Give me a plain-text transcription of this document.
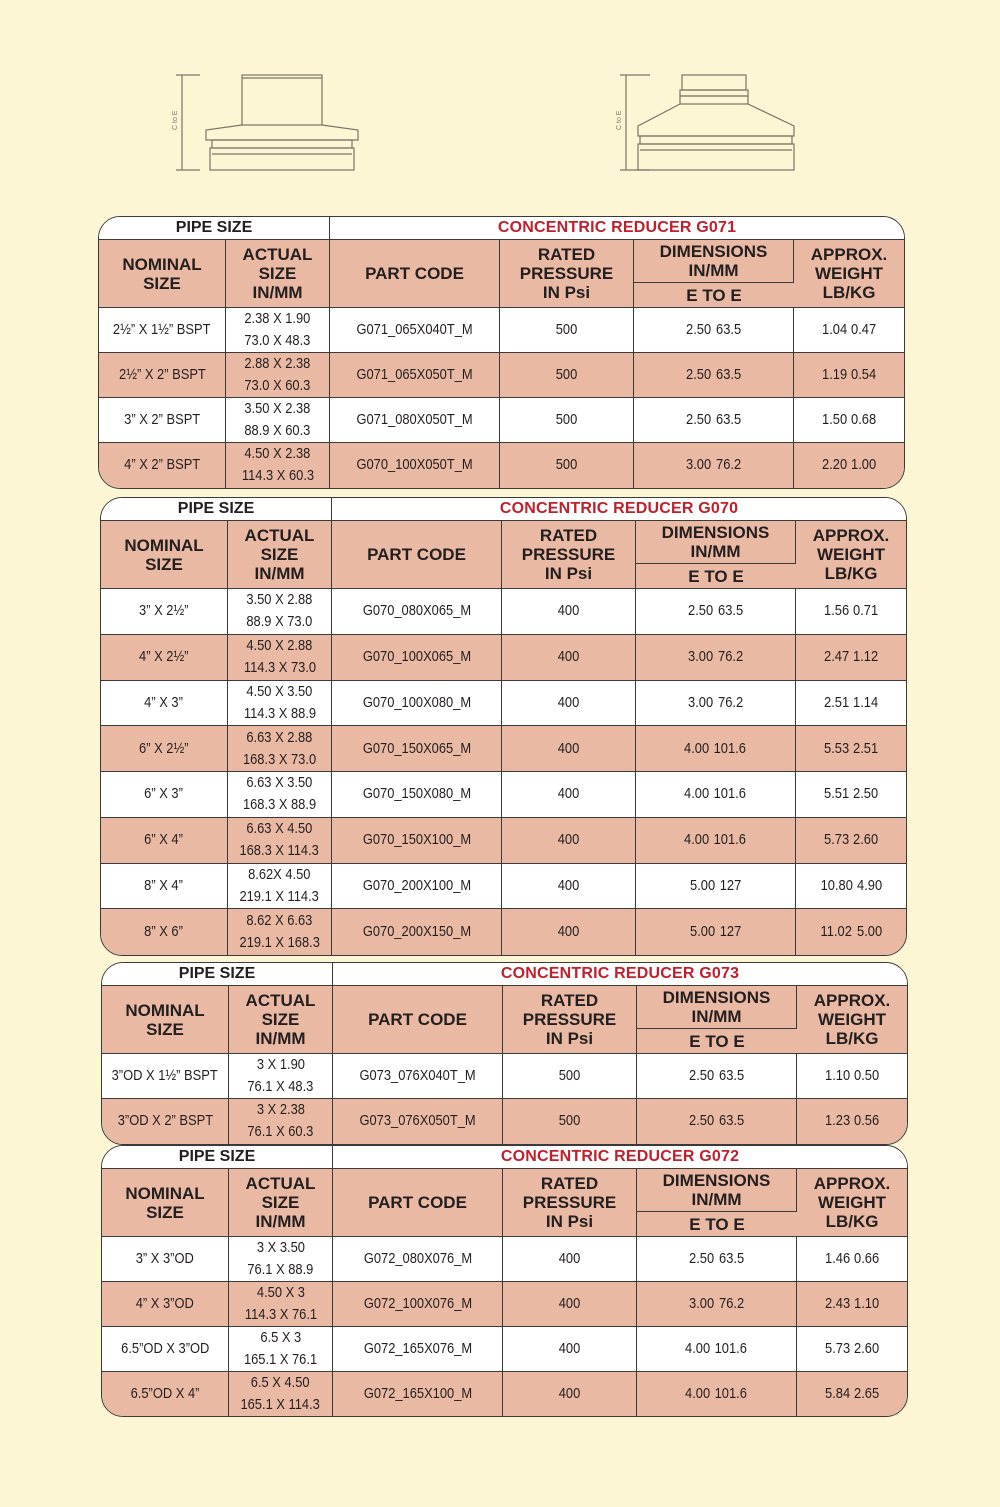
C to E	C to E
PIPE SIZE		CONCENTRIC REDUCER G071			
NOMINAL SIZE	ACTUAL SIZE IN/MM	PART CODE	RATED PRESSURE IN Psi	DIMENSIONS IN/MM	APPROX. WEIGHT LB/KG
				E TO E	
2½” X 1½” BSPT	2.38 X 1.9073.0 X 48.3	G071_065X040T_M	500	2.50 63.5	1.04 0.47
2½” X 2” BSPT	2.88 X 2.3873.0 X 60.3	G071_065X050T_M	500	2.50 63.5	1.19 0.54
3” X 2” BSPT	3.50 X 2.3888.9 X 60.3	G071_080X050T_M	500	2.50 63.5	1.50 0.68
4” X 2” BSPT	4.50 X 2.38114.3 X 60.3	G070_100X050T_M	500	3.00 76.2	2.20 1.00
PIPE SIZE		CONCENTRIC REDUCER G070			
NOMINAL SIZE	ACTUAL SIZE IN/MM	PART CODE	RATED PRESSURE IN Psi	DIMENSIONS IN/MM	APPROX. WEIGHT LB/KG
				E TO E	
3” X 2½”	3.50 X 2.8888.9 X 73.0	G070_080X065_M	400	2.50 63.5	1.56 0.71
4” X 2½”	4.50 X 2.88114.3 X 73.0	G070_100X065_M	400	3.00 76.2	2.47 1.12
4” X 3”	4.50 X 3.50114.3 X 88.9	G070_100X080_M	400	3.00 76.2	2.51 1.14
6” X 2½”	6.63 X 2.88168.3 X 73.0	G070_150X065_M	400	4.00 101.6	5.53 2.51
6” X 3”	6.63 X 3.50168.3 X 88.9	G070_150X080_M	400	4.00 101.6	5.51 2.50
6” X 4”	6.63 X 4.50168.3 X 114.3	G070_150X100_M	400	4.00 101.6	5.73 2.60
8” X 4”	8.62X 4.50219.1 X 114.3	G070_200X100_M	400	5.00 127	10.80 4.90
8” X 6”	8.62 X 6.63219.1 X 168.3	G070_200X150_M	400	5.00 127	11.02 5.00
PIPE SIZE		CONCENTRIC REDUCER G073			
NOMINAL SIZE	ACTUAL SIZE IN/MM	PART CODE	RATED PRESSURE IN Psi	DIMENSIONS IN/MM	APPROX. WEIGHT LB/KG
				E TO E	
3”OD X 1½” BSPT	3 X 1.9076.1 X 48.3	G073_076X040T_M	500	2.50 63.5	1.10 0.50
3”OD X 2” BSPT	3 X 2.3876.1 X 60.3	G073_076X050T_M	500	2.50 63.5	1.23 0.56
PIPE SIZE		CONCENTRIC REDUCER G072			
NOMINAL SIZE	ACTUAL SIZE IN/MM	PART CODE	RATED PRESSURE IN Psi	DIMENSIONS IN/MM	APPROX. WEIGHT LB/KG
				E TO E	
3” X 3”OD	3 X 3.5076.1 X 88.9	G072_080X076_M	400	2.50 63.5	1.46 0.66
4” X 3”OD	4.50 X 3114.3 X 76.1	G072_100X076_M	400	3.00 76.2	2.43 1.10
6.5”OD X 3”OD	6.5 X 3165.1 X 76.1	G072_165X076_M	400	4.00 101.6	5.73 2.60
6.5”OD X 4”	6.5 X 4.50165.1 X 114.3	G072_165X100_M	400	4.00 101.6	5.84 2.65
